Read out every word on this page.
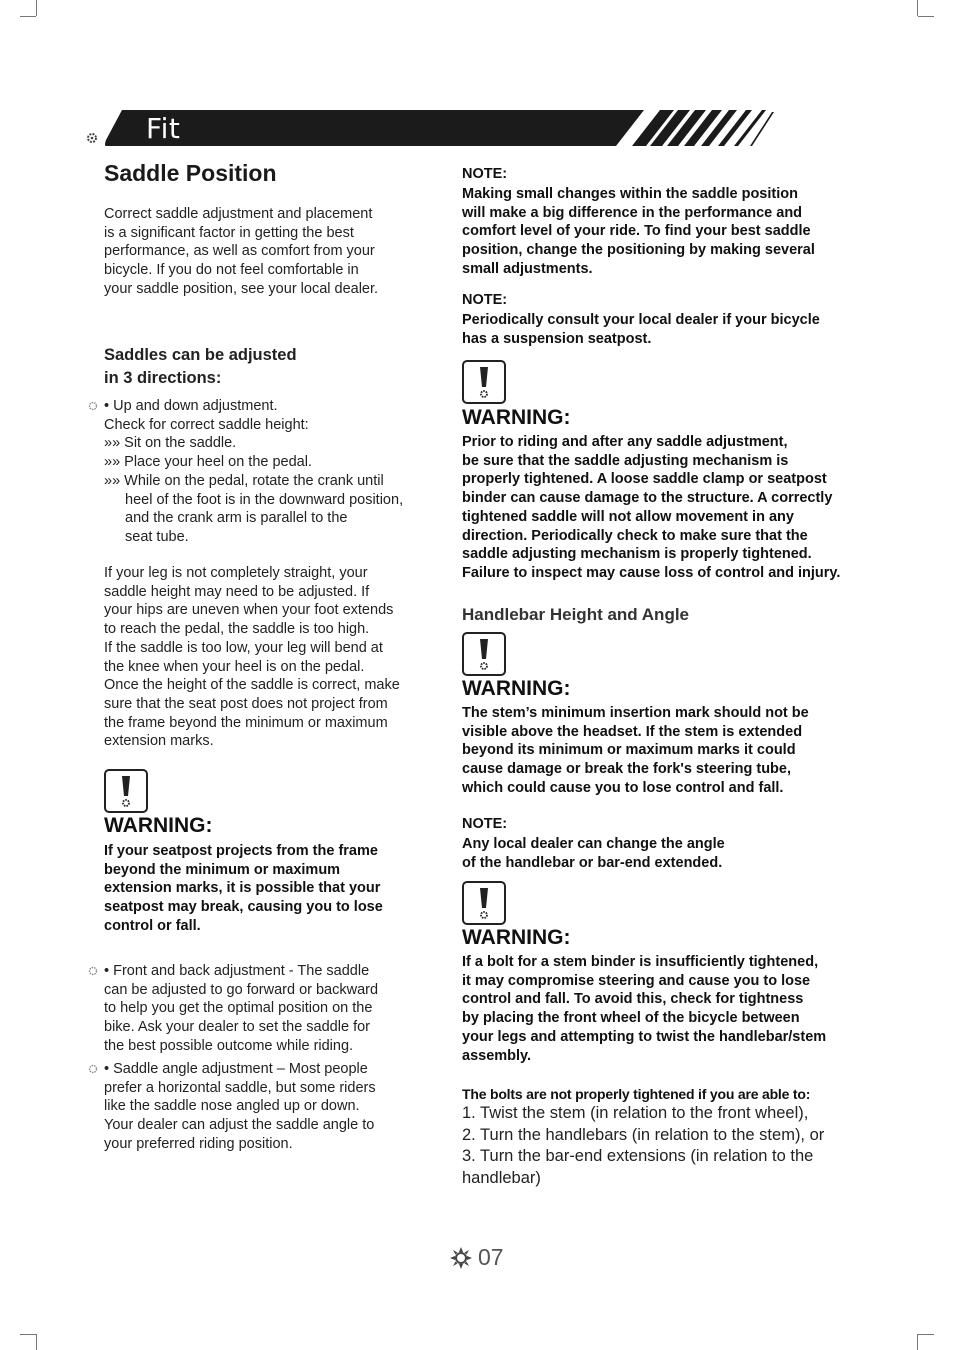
Fit
Saddle Position
Correct saddle adjustment and placement
is a significant factor in getting the best
performance, as well as comfort from your
bicycle. If you do not feel comfortable in
your saddle position, see your local dealer.
Saddles can be adjusted
in 3 directions:
• Up and down adjustment.
Check for correct saddle height:
»» Sit on the saddle.
»» Place your heel on the pedal.
»» While on the pedal, rotate the crank until
heel of the foot is in the downward position,
and the crank arm is parallel to the
seat tube.
If your leg is not completely straight, your
saddle height may need to be adjusted. If
your hips are uneven when your foot extends
to reach the pedal, the saddle is too high.
If the saddle is too low, your leg will bend at
the knee when your heel is on the pedal.
Once the height of the saddle is correct, make
sure that the seat post does not project from
the frame beyond the minimum or maximum
extension marks.
WARNING:
If your seatpost projects from the frame
beyond the minimum or maximum
extension marks, it is possible that your
seatpost may break, causing you to lose
control or fall.
• Front and back adjustment - The saddle
can be adjusted to go forward or backward
to help you get the optimal position on the
bike. Ask your dealer to set the saddle for
the best possible outcome while riding.
• Saddle angle adjustment – Most people
prefer a horizontal saddle, but some riders
like the saddle nose angled up or down.
Your dealer can adjust the saddle angle to
your preferred riding position.
NOTE:
Making small changes within the saddle position
will make a big difference in the performance and
comfort level of your ride. To find your best saddle
position, change the positioning by making several
small adjustments.
NOTE:
Periodically consult your local dealer if your bicycle
has a suspension seatpost.
WARNING:
Prior to riding and after any saddle adjustment,
be sure that the saddle adjusting mechanism is
properly tightened. A loose saddle clamp or seatpost
binder can cause damage to the structure. A correctly
tightened saddle will not allow movement in any
direction. Periodically check to make sure that the
saddle adjusting mechanism is properly tightened.
Failure to inspect may cause loss of control and injury.
Handlebar Height and Angle
WARNING:
The stem’s minimum insertion mark should not be
visible above the headset. If the stem is extended
beyond its minimum or maximum marks it could
cause damage or break the fork's steering tube,
which could cause you to lose control and fall.
NOTE:
Any local dealer can change the angle
of the handlebar or bar-end extended.
WARNING:
If a bolt for a stem binder is insufficiently tightened,
it may compromise steering and cause you to lose
control and fall. To avoid this, check for tightness
by placing the front wheel of the bicycle between
your legs and attempting to twist the handlebar/stem
assembly.
The bolts are not properly tightened if you are able to:
1. Twist the stem (in relation to the front wheel),
2. Turn the handlebars (in relation to the stem), or
3. Turn the bar-end extensions (in relation to the
handlebar)
07
